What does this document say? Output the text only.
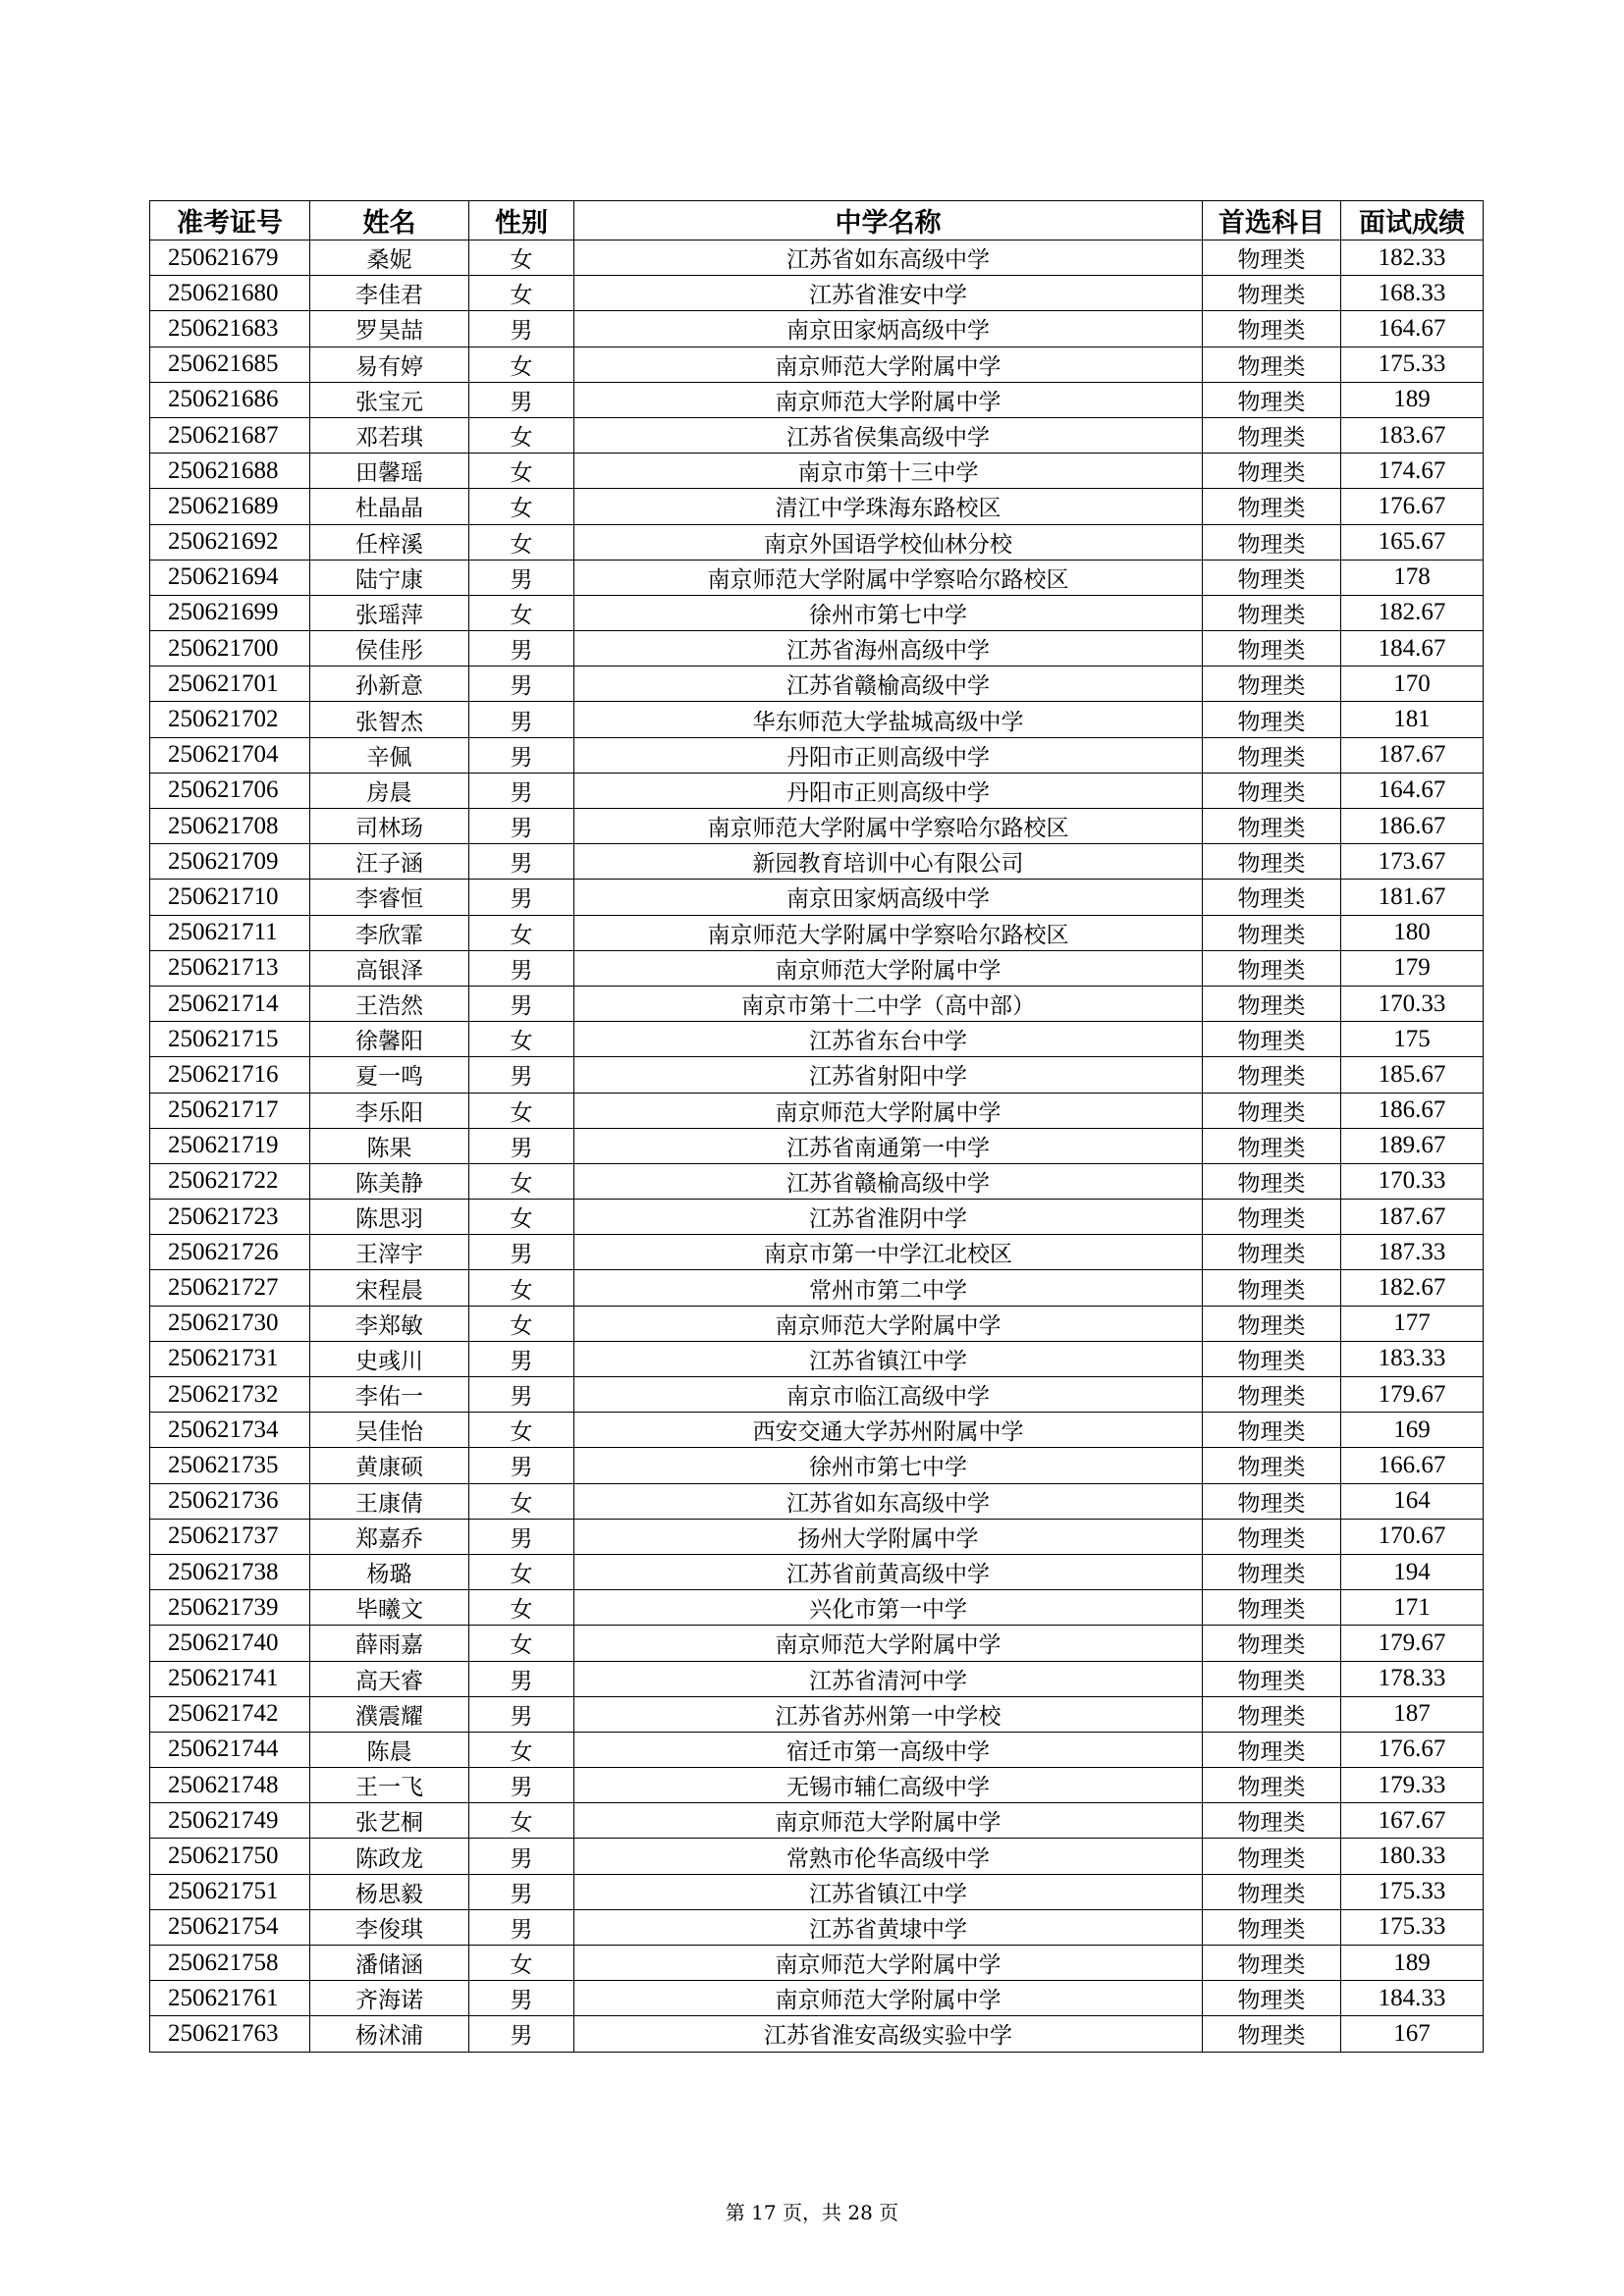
准考证号	姓名	性别	中学名称	首选科目	面试成绩
250621679	桑妮	女	江苏省如东高级中学	物理类	182.33
250621680	李佳君	女	江苏省淮安中学	物理类	168.33
250621683	罗昊喆	男	南京田家炳高级中学	物理类	164.67
250621685	易有婷	女	南京师范大学附属中学	物理类	175.33
250621686	张宝元	男	南京师范大学附属中学	物理类	189
250621687	邓若琪	女	江苏省侯集高级中学	物理类	183.67
250621688	田馨瑶	女	南京市第十三中学	物理类	174.67
250621689	杜晶晶	女	清江中学珠海东路校区	物理类	176.67
250621692	任梓溪	女	南京外国语学校仙林分校	物理类	165.67
250621694	陆宁康	男	南京师范大学附属中学察哈尔路校区	物理类	178
250621699	张瑶萍	女	徐州市第七中学	物理类	182.67
250621700	侯佳彤	男	江苏省海州高级中学	物理类	184.67
250621701	孙新意	男	江苏省赣榆高级中学	物理类	170
250621702	张智杰	男	华东师范大学盐城高级中学	物理类	181
250621704	辛佩	男	丹阳市正则高级中学	物理类	187.67
250621706	房晨	男	丹阳市正则高级中学	物理类	164.67
250621708	司林玚	男	南京师范大学附属中学察哈尔路校区	物理类	186.67
250621709	汪子涵	男	新园教育培训中心有限公司	物理类	173.67
250621710	李睿恒	男	南京田家炳高级中学	物理类	181.67
250621711	李欣霏	女	南京师范大学附属中学察哈尔路校区	物理类	180
250621713	高银泽	男	南京师范大学附属中学	物理类	179
250621714	王浩然	男	南京市第十二中学（高中部）	物理类	170.33
250621715	徐馨阳	女	江苏省东台中学	物理类	175
250621716	夏一鸣	男	江苏省射阳中学	物理类	185.67
250621717	李乐阳	女	南京师范大学附属中学	物理类	186.67
250621719	陈果	男	江苏省南通第一中学	物理类	189.67
250621722	陈美静	女	江苏省赣榆高级中学	物理类	170.33
250621723	陈思羽	女	江苏省淮阴中学	物理类	187.67
250621726	王滓宇	男	南京市第一中学江北校区	物理类	187.33
250621727	宋程晨	女	常州市第二中学	物理类	182.67
250621730	李郑敏	女	南京师范大学附属中学	物理类	177
250621731	史彧川	男	江苏省镇江中学	物理类	183.33
250621732	李佑一	男	南京市临江高级中学	物理类	179.67
250621734	吴佳怡	女	西安交通大学苏州附属中学	物理类	169
250621735	黄康硕	男	徐州市第七中学	物理类	166.67
250621736	王康倩	女	江苏省如东高级中学	物理类	164
250621737	郑嘉乔	男	扬州大学附属中学	物理类	170.67
250621738	杨璐	女	江苏省前黄高级中学	物理类	194
250621739	毕曦文	女	兴化市第一中学	物理类	171
250621740	薛雨嘉	女	南京师范大学附属中学	物理类	179.67
250621741	高天睿	男	江苏省清河中学	物理类	178.33
250621742	濮震耀	男	江苏省苏州第一中学校	物理类	187
250621744	陈晨	女	宿迁市第一高级中学	物理类	176.67
250621748	王一飞	男	无锡市辅仁高级中学	物理类	179.33
250621749	张艺桐	女	南京师范大学附属中学	物理类	167.67
250621750	陈政龙	男	常熟市伦华高级中学	物理类	180.33
250621751	杨思毅	男	江苏省镇江中学	物理类	175.33
250621754	李俊琪	男	江苏省黄埭中学	物理类	175.33
250621758	潘储涵	女	南京师范大学附属中学	物理类	189
250621761	齐海诺	男	南京师范大学附属中学	物理类	184.33
250621763	杨沭浦	男	江苏省淮安高级实验中学	物理类	167
第 17 页，共 28 页
